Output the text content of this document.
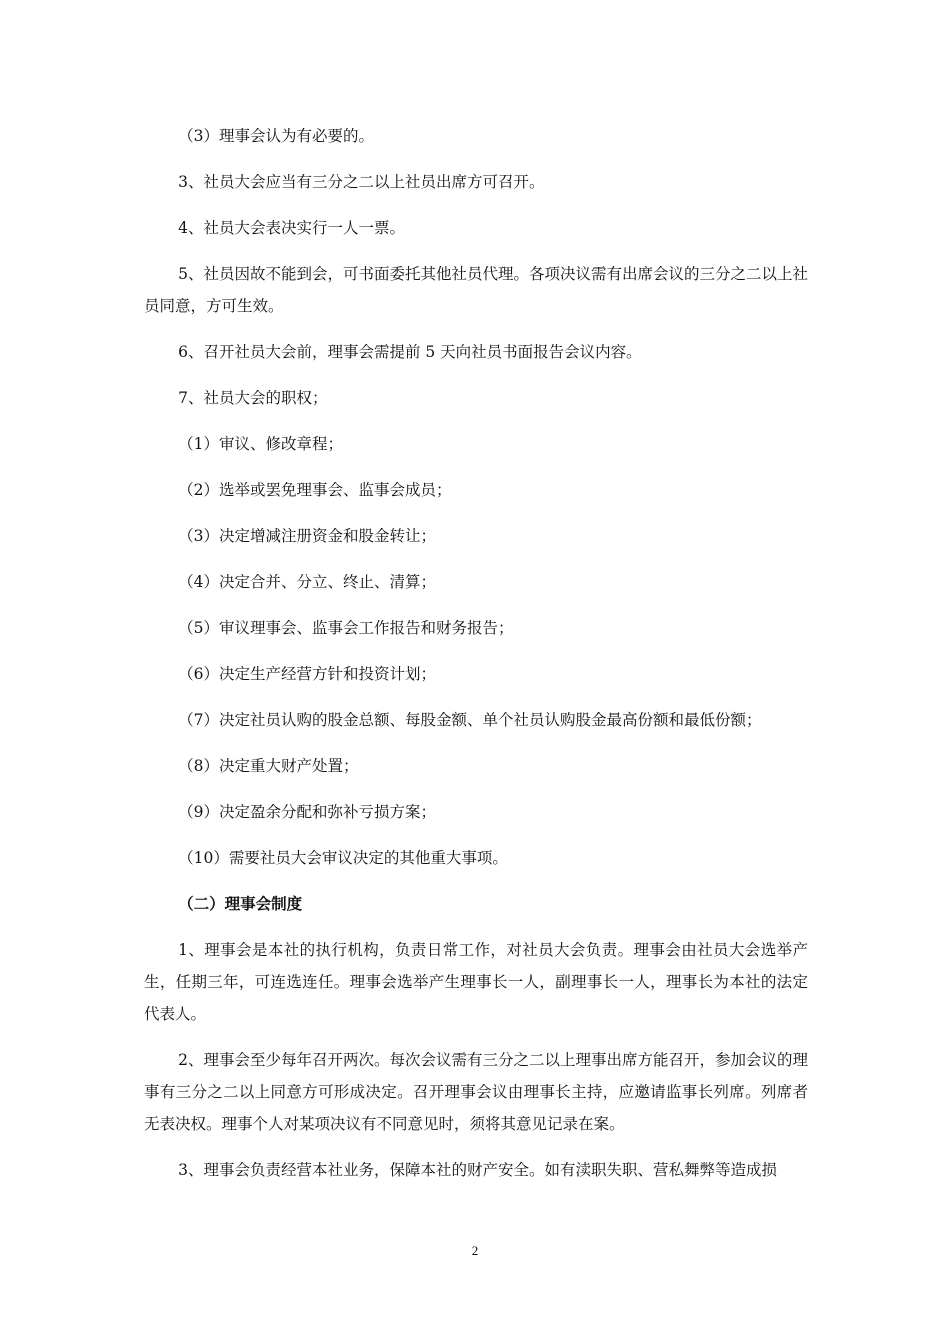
（3）理事会认为有必要的。

3、社员大会应当有三分之二以上社员出席方可召开。

4、社员大会表决实行一人一票。

5、社员因故不能到会，可书面委托其他社员代理。各项决议需有出席会议的三分之二以上社员同意，方可生效。

6、召开社员大会前，理事会需提前 5 天向社员书面报告会议内容。

7、社员大会的职权；

（1）审议、修改章程；

（2）选举或罢免理事会、监事会成员；

（3）决定增减注册资金和股金转让；

（4）决定合并、分立、终止、清算；

（5）审议理事会、监事会工作报告和财务报告；

（6）决定生产经营方针和投资计划；

（7）决定社员认购的股金总额、每股金额、单个社员认购股金最高份额和最低份额；

（8）决定重大财产处置；

（9）决定盈余分配和弥补亏损方案；

（10）需要社员大会审议决定的其他重大事项。

（二）理事会制度

1、理事会是本社的执行机构，负责日常工作，对社员大会负责。理事会由社员大会选举产生，任期三年，可连选连任。理事会选举产生理事长一人，副理事长一人，理事长为本社的法定代表人。

2、理事会至少每年召开两次。每次会议需有三分之二以上理事出席方能召开，参加会议的理事有三分之二以上同意方可形成决定。召开理事会议由理事长主持，应邀请监事长列席。列席者无表决权。理事个人对某项决议有不同意见时，须将其意见记录在案。

3、理事会负责经营本社业务，保障本社的财产安全。如有渎职失职、营私舞弊等造成损

2
